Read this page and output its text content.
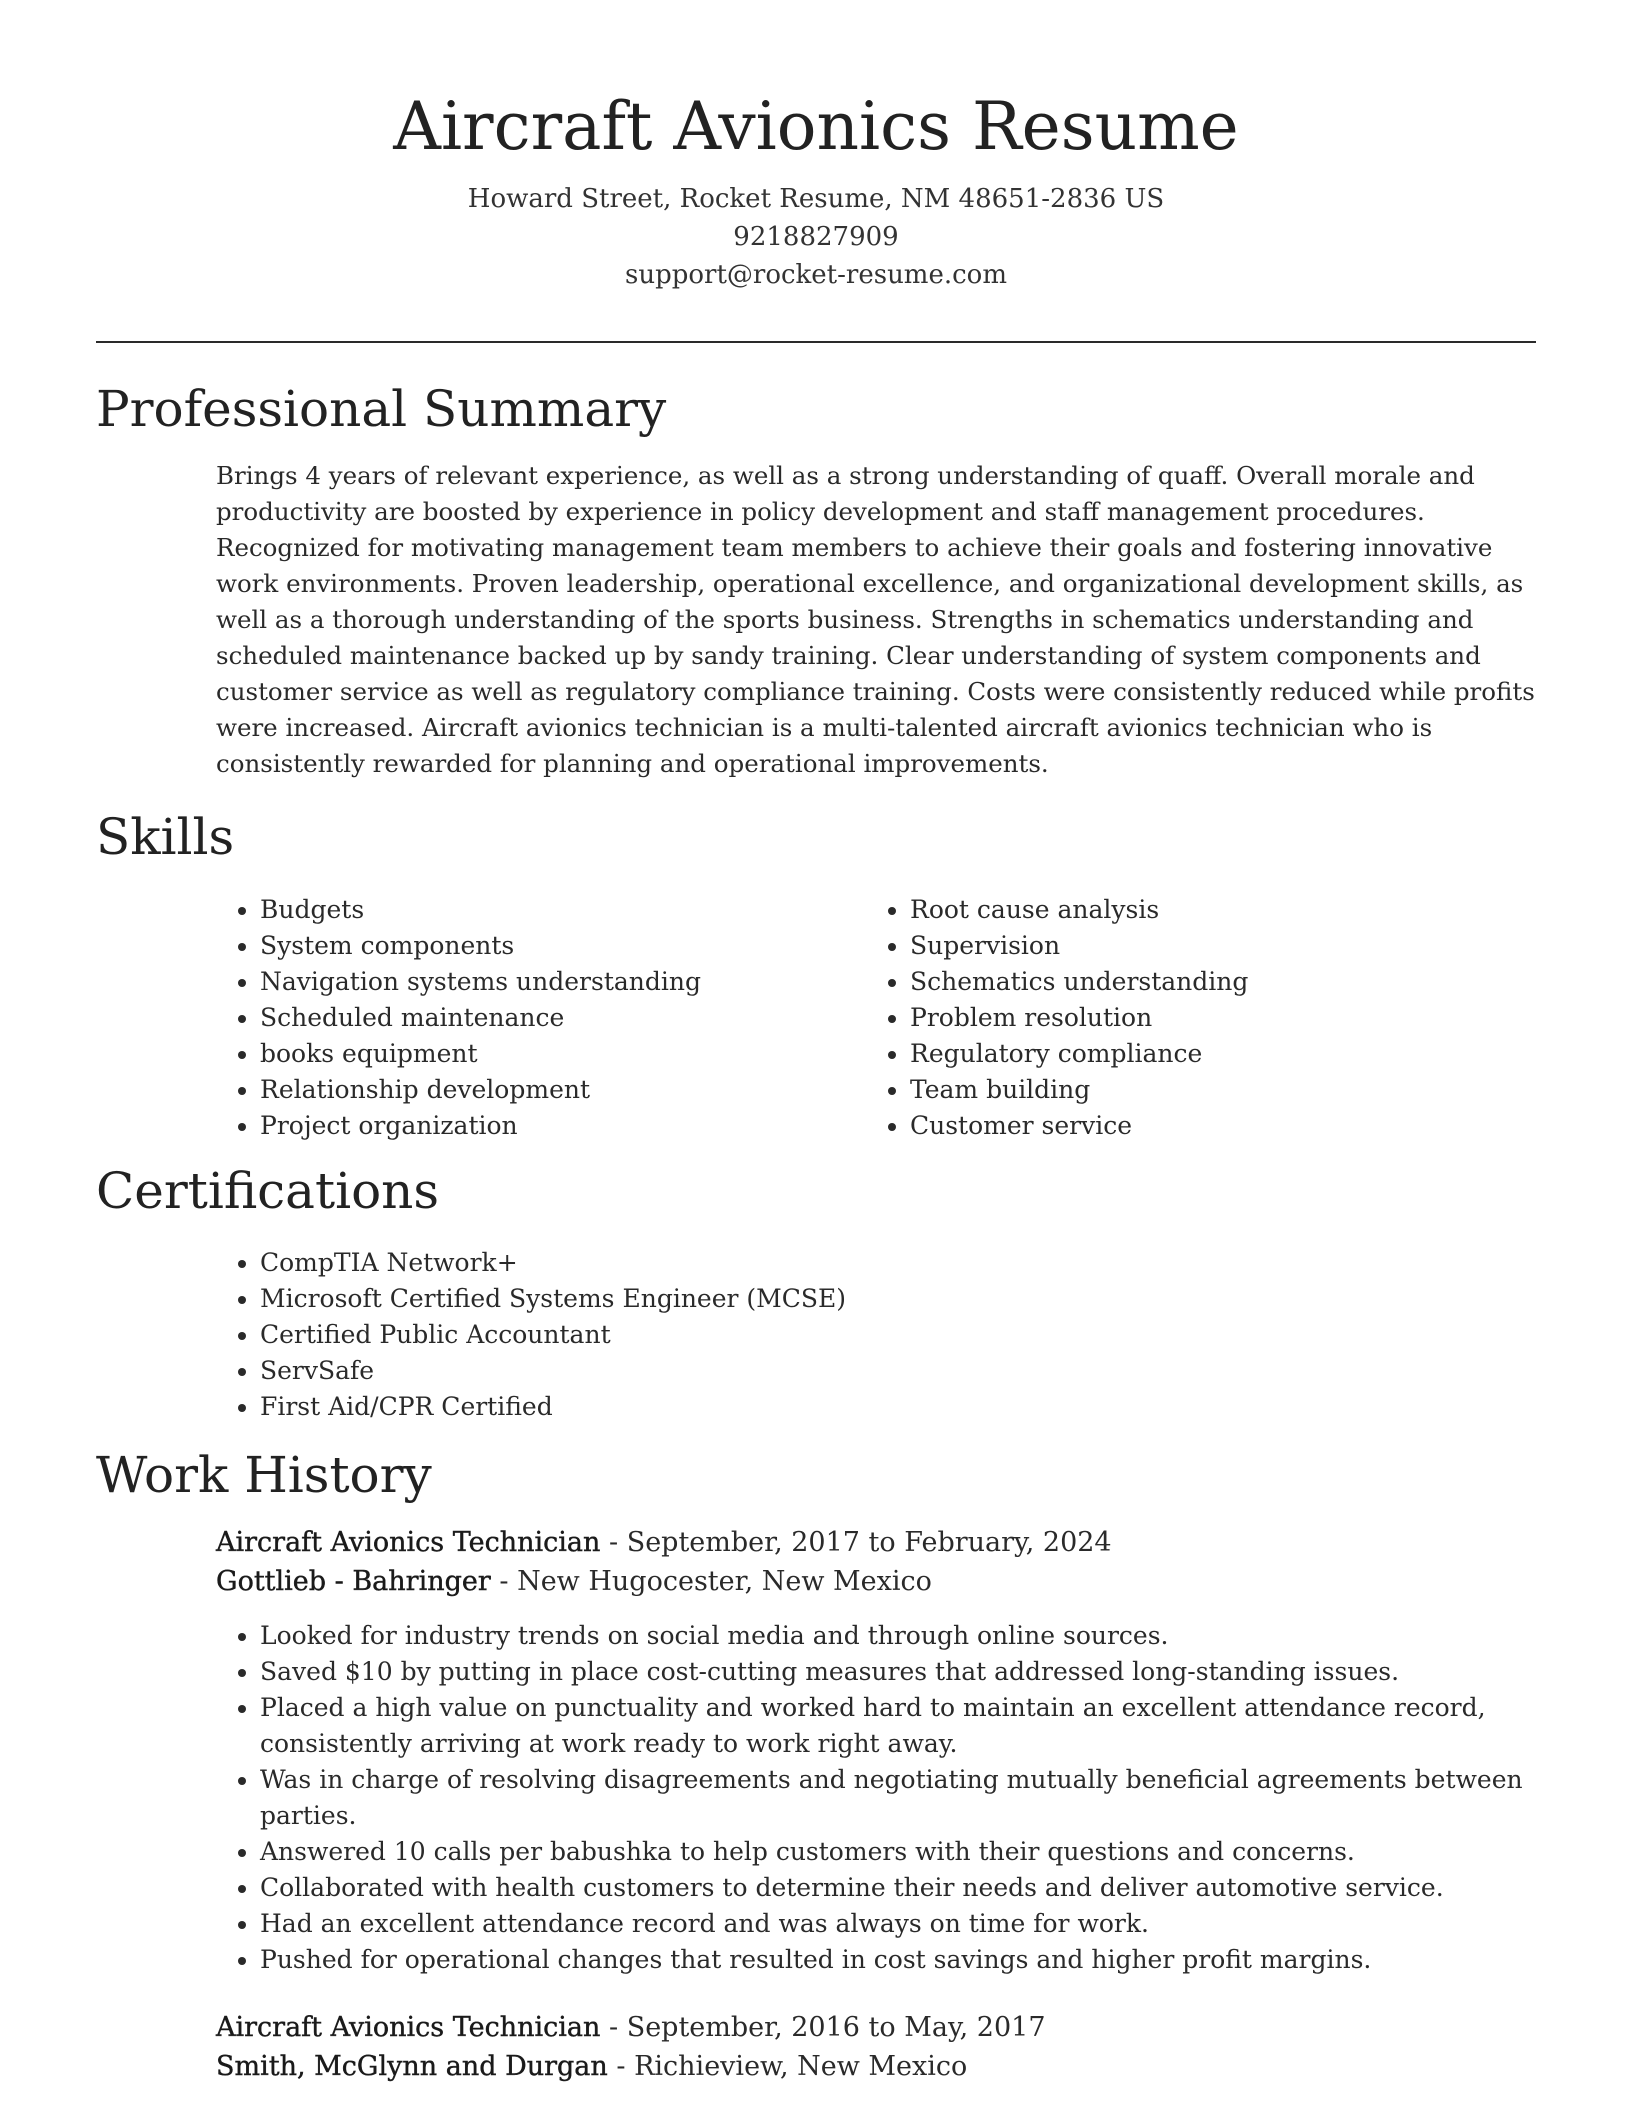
Aircraft Avionics Resume
Howard Street, Rocket Resume, NM 48651-2836 US
9218827909
support@rocket-resume.com
Professional Summary

Brings 4 years of relevant experience, as well as a strong understanding of quaff. Overall morale and productivity are boosted by experience in policy development and staff management procedures. Recognized for motivating management team members to achieve their goals and fostering innovative work environments. Proven leadership, operational excellence, and organizational development skills, as well as a thorough understanding of the sports business. Strengths in schematics understanding and scheduled maintenance backed up by sandy training. Clear understanding of system components and customer service as well as regulatory compliance training. Costs were consistently reduced while profits were increased. Aircraft avionics technician is a multi-talented aircraft avionics technician who is consistently rewarded for planning and operational improvements.

Skills
• Budgets
• System components
• Navigation systems understanding
• Scheduled maintenance
• books equipment
• Relationship development
• Project organization
• Root cause analysis
• Supervision
• Schematics understanding
• Problem resolution
• Regulatory compliance
• Team building
• Customer service
Certifications
• CompTIA Network+
• Microsoft Certified Systems Engineer (MCSE)
• Certified Public Accountant
• ServSafe
• First Aid/CPR Certified
Work History
Aircraft Avionics Technician - September, 2017 to February, 2024
Gottlieb - Bahringer - New Hugocester, New Mexico
• Looked for industry trends on social media and through online sources.
• Saved $10 by putting in place cost-cutting measures that addressed long-standing issues.
• Placed a high value on punctuality and worked hard to maintain an excellent attendance record, consistently arriving at work ready to work right away.
• Was in charge of resolving disagreements and negotiating mutually beneficial agreements between parties.
• Answered 10 calls per babushka to help customers with their questions and concerns.
• Collaborated with health customers to determine their needs and deliver automotive service.
• Had an excellent attendance record and was always on time for work.
• Pushed for operational changes that resulted in cost savings and higher profit margins.
Aircraft Avionics Technician - September, 2016 to May, 2017
Smith, McGlynn and Durgan - Richieview, New Mexico
